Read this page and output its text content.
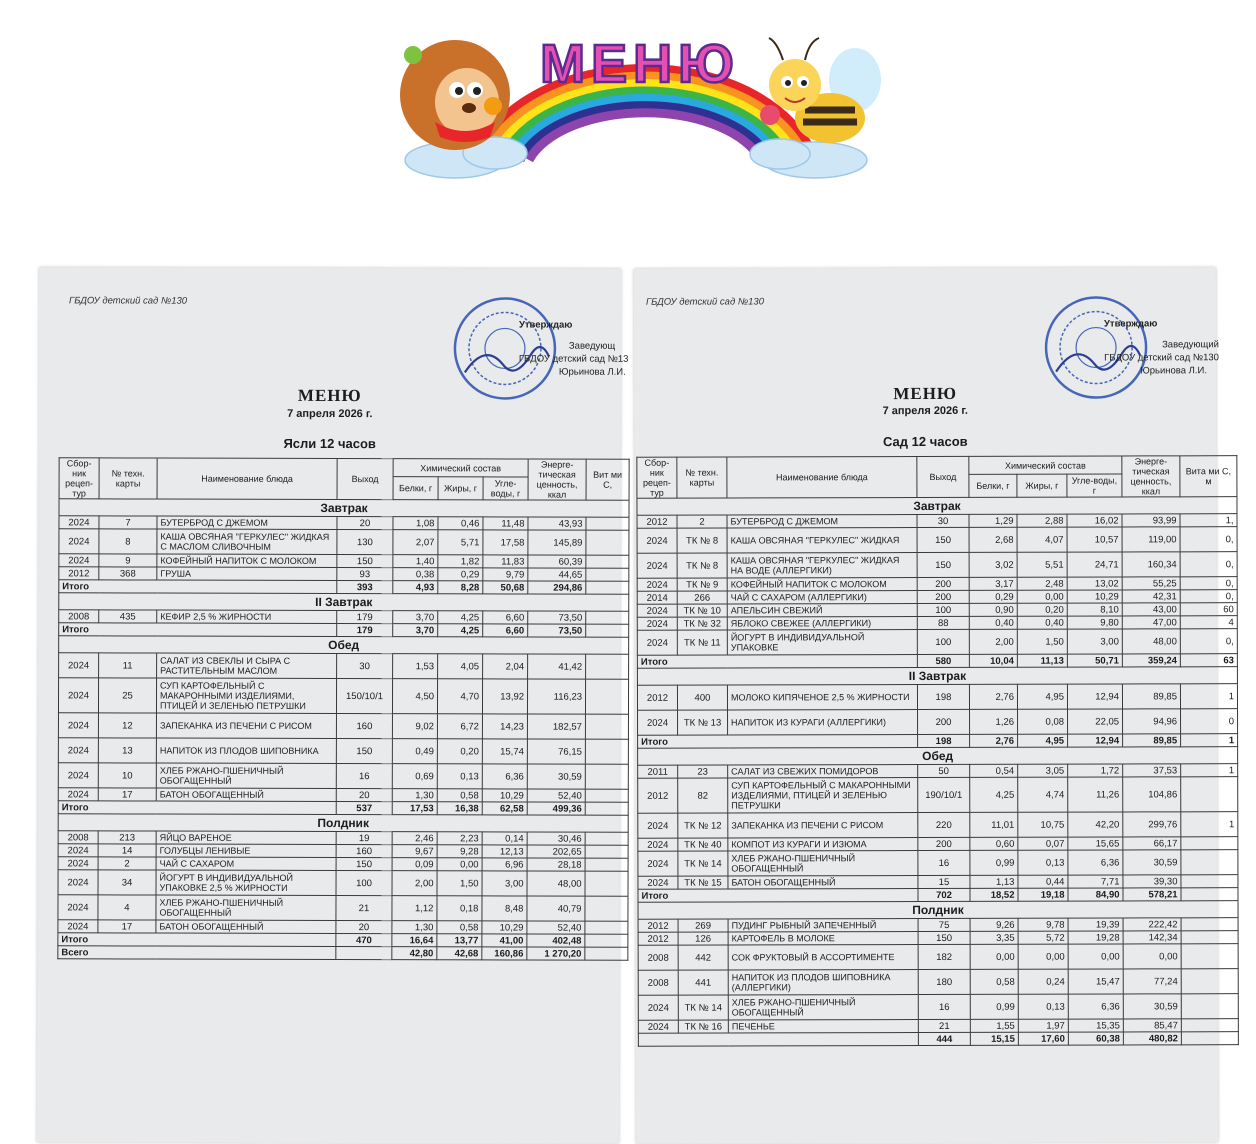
МЕНЮ
ГБДОУ детский сад №130
Утверждаю
Заведующ
ГБДОУ детский сад №13
Юрьинова Л.И.
МЕНЮ
7 апреля 2026 г.
Ясли 12 часов
Сбор-ник рецеп-тур	№ техн. карты	Наименование блюда	Выход	Химический состав			Энерге-тическая ценность, ккал	Вит ми С,
				Белки, г	Жиры, г	Угле-воды, г		
Завтрак								
2024	7	БУТЕРБРОД С ДЖЕМОМ	20	1,08	0,46	11,48	43,93	
2024	8	КАША ОВСЯНАЯ "ГЕРКУЛЕС" ЖИДКАЯ С МАСЛОМ СЛИВОЧНЫМ	130	2,07	5,71	17,58	145,89	
2024	9	КОФЕЙНЫЙ НАПИТОК С МОЛОКОМ	150	1,40	1,82	11,83	60,39	
2012	368	ГРУША	93	0,38	0,29	9,79	44,65	
Итого			393	4,93	8,28	50,68	294,86	
II Завтрак								
2008	435	КЕФИР 2,5 % ЖИРНОСТИ	179	3,70	4,25	6,60	73,50	
Итого			179	3,70	4,25	6,60	73,50	
Обед								
2024	11	САЛАТ ИЗ СВЕКЛЫ И СЫРА С РАСТИТЕЛЬНЫМ МАСЛОМ	30	1,53	4,05	2,04	41,42	
2024	25	СУП КАРТОФЕЛЬНЫЙ С МАКАРОННЫМИ ИЗДЕЛИЯМИ, ПТИЦЕЙ И ЗЕЛЕНЬЮ ПЕТРУШКИ	150/10/1	4,50	4,70	13,92	116,23	
2024	12	ЗАПЕКАНКА ИЗ ПЕЧЕНИ С РИСОМ	160	9,02	6,72	14,23	182,57	
2024	13	НАПИТОК ИЗ ПЛОДОВ ШИПОВНИКА	150	0,49	0,20	15,74	76,15	
2024	10	ХЛЕБ РЖАНО-ПШЕНИЧНЫЙ ОБОГАЩЕННЫЙ	16	0,69	0,13	6,36	30,59	
2024	17	БАТОН ОБОГАЩЕННЫЙ	20	1,30	0,58	10,29	52,40	
Итого			537	17,53	16,38	62,58	499,36	
Полдник								
2008	213	ЯЙЦО ВАРЕНОЕ	19	2,46	2,23	0,14	30,46	
2024	14	ГОЛУБЦЫ ЛЕНИВЫЕ	160	9,67	9,28	12,13	202,65	
2024	2	ЧАЙ С САХАРОМ	150	0,09	0,00	6,96	28,18	
2024	34	ЙОГУРТ В ИНДИВИДУАЛЬНОЙ УПАКОВКЕ 2,5 % ЖИРНОСТИ	100	2,00	1,50	3,00	48,00	
2024	4	ХЛЕБ РЖАНО-ПШЕНИЧНЫЙ ОБОГАЩЕННЫЙ	21	1,12	0,18	8,48	40,79	
2024	17	БАТОН ОБОГАЩЕННЫЙ	20	1,30	0,58	10,29	52,40	
Итого			470	16,64	13,77	41,00	402,48	
Всего				42,80	42,68	160,86	1 270,20	
ГБДОУ детский сад №130
Утверждаю
Заведующий
ГБДОУ детский сад №130
Юрьинова Л.И.
МЕНЮ
7 апреля 2026 г.
Сад 12 часов
Сбор-ник рецеп-тур	№ техн. карты	Наименование блюда	Выход	Химический состав			Энерге-тическая ценность, ккал	Вита ми С, м
				Белки, г	Жиры, г	Угле-воды, г		
Завтрак								
2012	2	БУТЕРБРОД С ДЖЕМОМ	30	1,29	2,88	16,02	93,99	1,
2024	ТК № 8	КАША ОВСЯНАЯ "ГЕРКУЛЕС" ЖИДКАЯ	150	2,68	4,07	10,57	119,00	0,
2024	ТК № 8	КАША ОВСЯНАЯ "ГЕРКУЛЕС" ЖИДКАЯ НА ВОДЕ (АЛЛЕРГИКИ)	150	3,02	5,51	24,71	160,34	0,
2024	ТК № 9	КОФЕЙНЫЙ НАПИТОК С МОЛОКОМ	200	3,17	2,48	13,02	55,25	0,
2014	266	ЧАЙ С САХАРОМ (АЛЛЕРГИКИ)	200	0,29	0,00	10,29	42,31	0,
2024	ТК № 10	АПЕЛЬСИН СВЕЖИЙ	100	0,90	0,20	8,10	43,00	60
2024	ТК № 32	ЯБЛОКО СВЕЖЕЕ (АЛЛЕРГИКИ)	88	0,40	0,40	9,80	47,00	4
2024	ТК № 11	ЙОГУРТ В ИНДИВИДУАЛЬНОЙ УПАКОВКЕ	100	2,00	1,50	3,00	48,00	0,
Итого			580	10,04	11,13	50,71	359,24	63
II Завтрак								
2012	400	МОЛОКО КИПЯЧЕНОЕ 2,5 % ЖИРНОСТИ	198	2,76	4,95	12,94	89,85	1
2024	ТК № 13	НАПИТОК ИЗ КУРАГИ (АЛЛЕРГИКИ)	200	1,26	0,08	22,05	94,96	0
Итого			198	2,76	4,95	12,94	89,85	1
Обед								
2011	23	САЛАТ ИЗ СВЕЖИХ ПОМИДОРОВ	50	0,54	3,05	1,72	37,53	1
2012	82	СУП КАРТОФЕЛЬНЫЙ С МАКАРОННЫМИ ИЗДЕЛИЯМИ, ПТИЦЕЙ И ЗЕЛЕНЬЮ ПЕТРУШКИ	190/10/1	4,25	4,74	11,26	104,86	
2024	ТК № 12	ЗАПЕКАНКА ИЗ ПЕЧЕНИ С РИСОМ	220	11,01	10,75	42,20	299,76	1
2024	ТК № 40	КОМПОТ ИЗ КУРАГИ И ИЗЮМА	200	0,60	0,07	15,65	66,17	
2024	ТК № 14	ХЛЕБ РЖАНО-ПШЕНИЧНЫЙ ОБОГАЩЕННЫЙ	16	0,99	0,13	6,36	30,59	
2024	ТК № 15	БАТОН ОБОГАЩЕННЫЙ	15	1,13	0,44	7,71	39,30	
Итого			702	18,52	19,18	84,90	578,21	
Полдник								
2012	269	ПУДИНГ РЫБНЫЙ ЗАПЕЧЕННЫЙ	75	9,26	9,78	19,39	222,42	
2012	126	КАРТОФЕЛЬ В МОЛОКЕ	150	3,35	5,72	19,28	142,34	
2008	442	СОК ФРУКТОВЫЙ В АССОРТИМЕНТЕ	182	0,00	0,00	0,00	0,00	
2008	441	НАПИТОК ИЗ ПЛОДОВ ШИПОВНИКА (АЛЛЕРГИКИ)	180	0,58	0,24	15,47	77,24	
2024	ТК № 14	ХЛЕБ РЖАНО-ПШЕНИЧНЫЙ ОБОГАЩЕННЫЙ	16	0,99	0,13	6,36	30,59	
2024	ТК № 16	ПЕЧЕНЬЕ	21	1,55	1,97	15,35	85,47	
			444	15,15	17,60	60,38	480,82	
